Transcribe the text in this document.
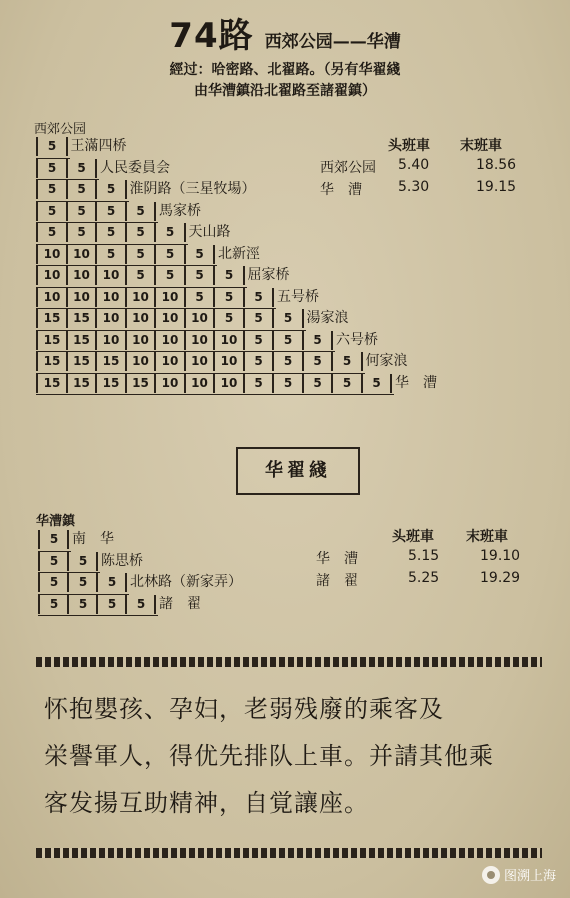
74路 西郊公园——华漕
經过：哈密路、北翟路。（另有华翟綫
由华漕鎮沿北翟路至諸翟鎮）
西郊公园
头班車 末班車
西郊公园 5.40	18.56
华　漕	5.30	19.15
华翟綫
华漕鎮
头班車 末班車
华　漕	5.15	19.10
諸　翟	5.25	19.29
怀抱嬰孩、孕妇，老弱残廢的乘客及
栄譽軍人，得优先排队上車。并請其他乘
客发揚互助精神，自覚讓座。
图溯上海
5	王滿四桥
5	5	人民委員会
5	5	5	淮阴路（三星牧場）
5	5	5	5	馬家桥
5	5	5	5	5	天山路
10	10	5	5	5	5	北新涇
10	10	10	5	5	5	5	屈家桥
10	10	10	10	10	5	5	5	五号桥
15	15	10	10	10	10	5	5	5	湯家浪
15	15	10	10	10	10	10	5	5	5	六号桥
15	15	15	10	10	10	10	5	5	5	5	何家浪
15	15	15	15	10	10	10	5	5	5	5	5	华　漕
5 南　华
5	5 陈思桥
5	5	5 北林路（新家弄）
5	5	5	5 諸　翟
